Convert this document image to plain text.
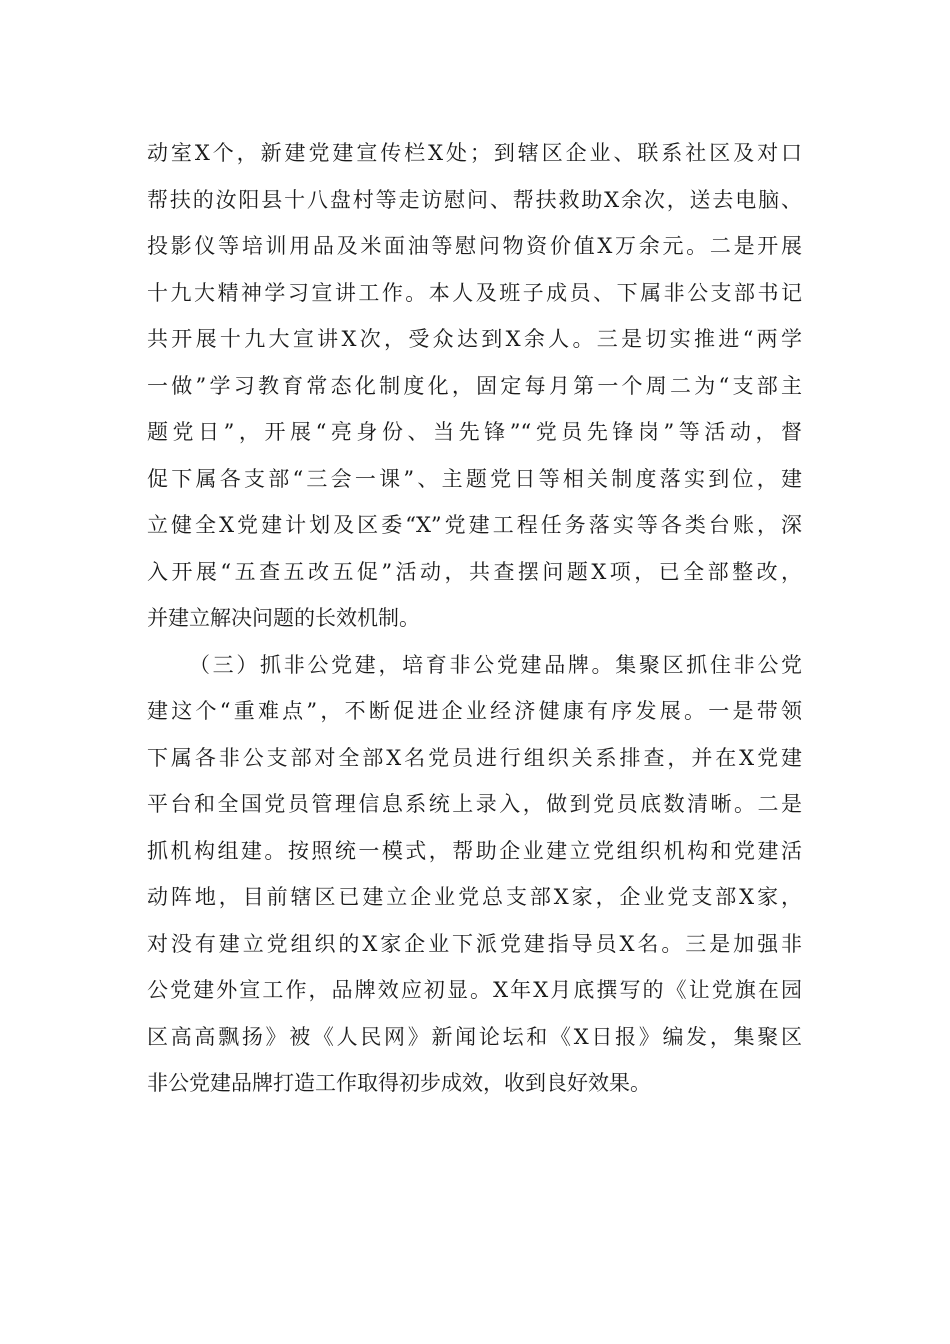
动室X个，新建党建宣传栏X处；到辖区企业、联系社区及对口
帮扶的汝阳县十八盘村等走访慰问、帮扶救助X余次，送去电脑、
投影仪等培训用品及米面油等慰问物资价值X万余元。二是开展
十九大精神学习宣讲工作。本人及班子成员、下属非公支部书记
共开展十九大宣讲X次，受众达到X余人。三是切实推进“两学
一做”学习教育常态化制度化，固定每月第一个周二为“支部主
题党日”，开展“亮身份、当先锋”“党员先锋岗”等活动，督
促下属各支部“三会一课”、主题党日等相关制度落实到位，建
立健全X党建计划及区委“X”党建工程任务落实等各类台账，深
入开展“五查五改五促”活动，共查摆问题X项，已全部整改，
并建立解决问题的长效机制。
（三）抓非公党建，培育非公党建品牌。集聚区抓住非公党
建这个“重难点”，不断促进企业经济健康有序发展。一是带领
下属各非公支部对全部X名党员进行组织关系排查，并在X党建
平台和全国党员管理信息系统上录入，做到党员底数清晰。二是
抓机构组建。按照统一模式，帮助企业建立党组织机构和党建活
动阵地，目前辖区已建立企业党总支部X家，企业党支部X家，
对没有建立党组织的X家企业下派党建指导员X名。三是加强非
公党建外宣工作，品牌效应初显。X年X月底撰写的《让党旗在园
区高高飘扬》被《人民网》新闻论坛和《X日报》编发，集聚区
非公党建品牌打造工作取得初步成效，收到良好效果。
